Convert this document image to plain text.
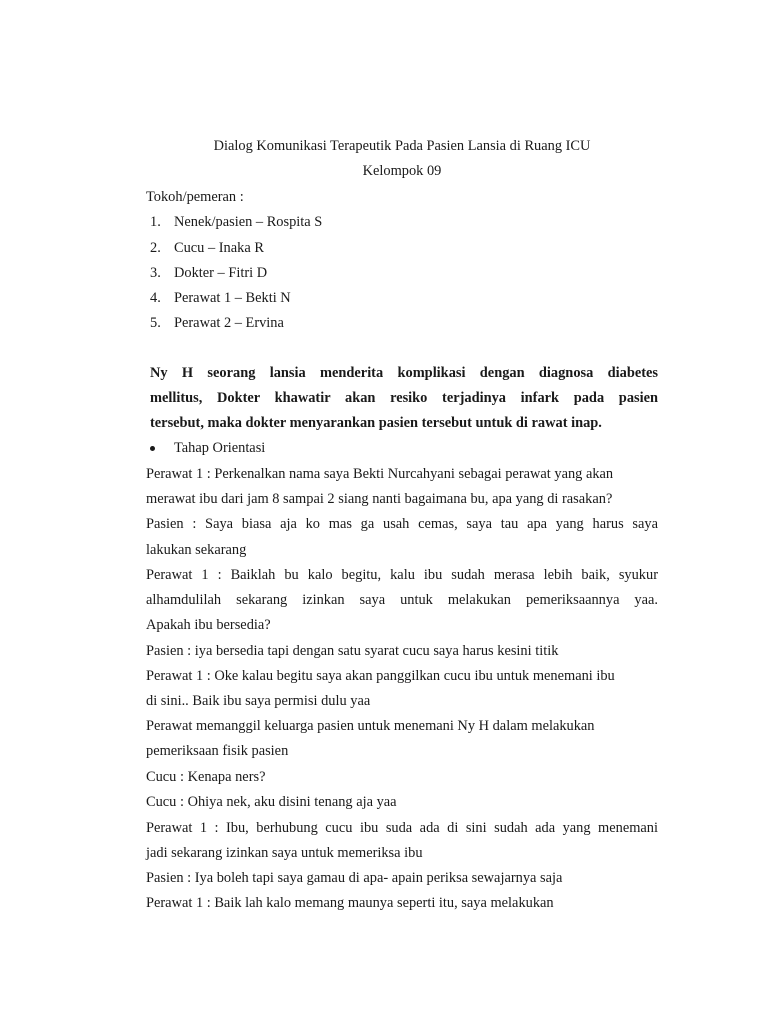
Dialog Komunikasi Terapeutik Pada Pasien Lansia di Ruang ICU
Kelompok 09
Tokoh/pemeran :
1. Nenek/pasien – Rospita S
2. Cucu – Inaka R
3. Dokter – Fitri D
4. Perawat 1 – Bekti N
5. Perawat 2 – Ervina
Ny H seorang lansia menderita komplikasi dengan diagnosa diabetes
mellitus, Dokter khawatir akan resiko terjadinya infark pada pasien
tersebut, maka dokter menyarankan pasien tersebut untuk di rawat inap.
Tahap Orientasi
Perawat 1 : Perkenalkan nama saya Bekti Nurcahyani sebagai perawat yang akan
merawat ibu dari jam 8 sampai 2 siang nanti bagaimana bu, apa yang di rasakan?
Pasien : Saya biasa aja ko mas ga usah cemas, saya tau apa yang harus saya
lakukan sekarang
Perawat 1 : Baiklah bu kalo begitu, kalu ibu sudah merasa lebih baik, syukur
alhamdulilah sekarang izinkan saya untuk melakukan pemeriksaannya yaa.
Apakah ibu bersedia?
Pasien : iya bersedia tapi dengan satu syarat cucu saya harus kesini titik
Perawat 1 : Oke kalau begitu saya akan panggilkan cucu ibu untuk menemani ibu
di sini.. Baik ibu saya permisi dulu yaa
Perawat memanggil keluarga pasien untuk menemani Ny H dalam melakukan
pemeriksaan fisik pasien
Cucu : Kenapa ners?
Cucu : Ohiya nek, aku disini tenang aja yaa
Perawat 1 : Ibu, berhubung cucu ibu suda ada di sini sudah ada yang menemani
jadi sekarang izinkan saya untuk memeriksa ibu
Pasien : Iya boleh tapi saya gamau di apa- apain periksa sewajarnya saja
Perawat 1 : Baik lah kalo memang maunya seperti itu, saya melakukan
